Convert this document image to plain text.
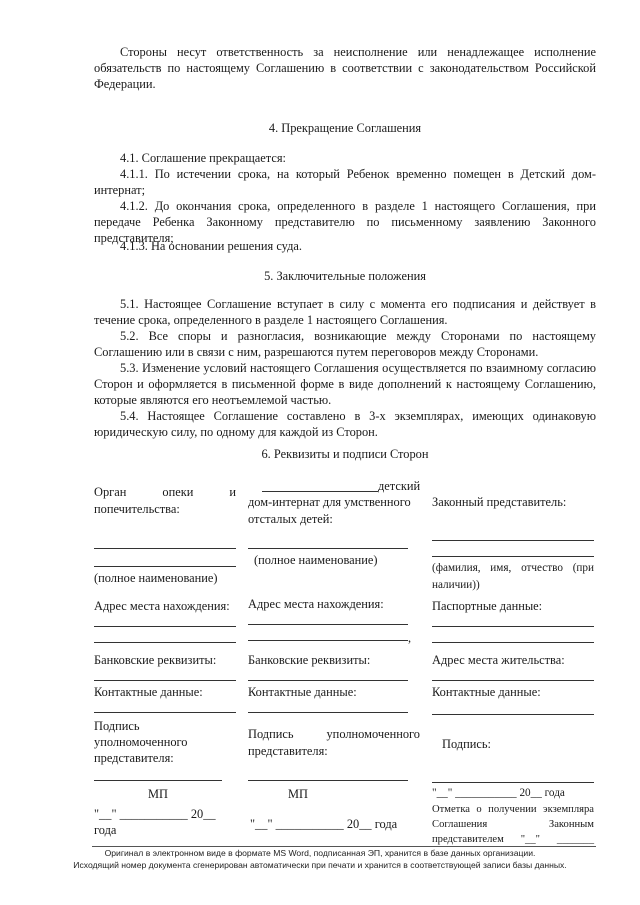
Стороны несут ответственность за неисполнение или ненадлежащее исполнение обязательств по настоящему Соглашению в соответствии с законодательством Российской Федерации.

4. Прекращение Соглашения

4.1. Соглашение прекращается:

4.1.1. По истечении срока, на который Ребенок временно помещен в Детский дом-интернат;

4.1.2. До окончания срока, определенного в разделе 1 настоящего Соглашения, при передаче Ребенка Законному представителю по письменному заявлению Законного представителя;

4.1.3. На основании решения суда.

5. Заключительные положения

5.1. Настоящее Соглашение вступает в силу с момента его подписания и действует в течение срока, определенного в разделе 1 настоящего Соглашения.

5.2. Все споры и разногласия, возникающие между Сторонами по настоящему Соглашению или в связи с ним, разрешаются путем переговоров между Сторонами.

5.3. Изменение условий настоящего Соглашения осуществляется по взаимному согласию Сторон и оформляется в письменной форме в виде дополнений к настоящему Соглашению, которые являются его неотъемлемой частью.

5.4. Настоящее Соглашение составлено в 3-х экземплярах, имеющих одинаковую юридическую силу, по одному для каждой из Сторон.

6. Реквизиты и подписи Сторон

Орган опеки и попечительства:

(полное наименование)

Адрес места нахождения:

Банковские реквизиты:

Контактные данные:

Подпись уполномоченного представителя:

МП

"__" ___________ 20__ года

детский

дом-интернат для умственного отсталых детей:

(полное наименование)

Адрес места нахождения:

,

Банковские реквизиты:

Контактные данные:

Подпись уполномоченного представителя:

МП

"__" ___________ 20__ года

Законный представитель:

(фамилия, имя, отчество (при наличии))

Паспортные данные:

Адрес места жительства:

Контактные данные:

Подпись:

"__" ___________ 20__ года

Отметка о получении экземпляра Соглашения Законным представителем "__" _______

Оригинал в электронном виде в формате MS Word, подписанная ЭП, хранится в базе данных организации.

Исходящий номер документа сгенерирован автоматически при печати и хранится в соответствующей записи базы данных.
